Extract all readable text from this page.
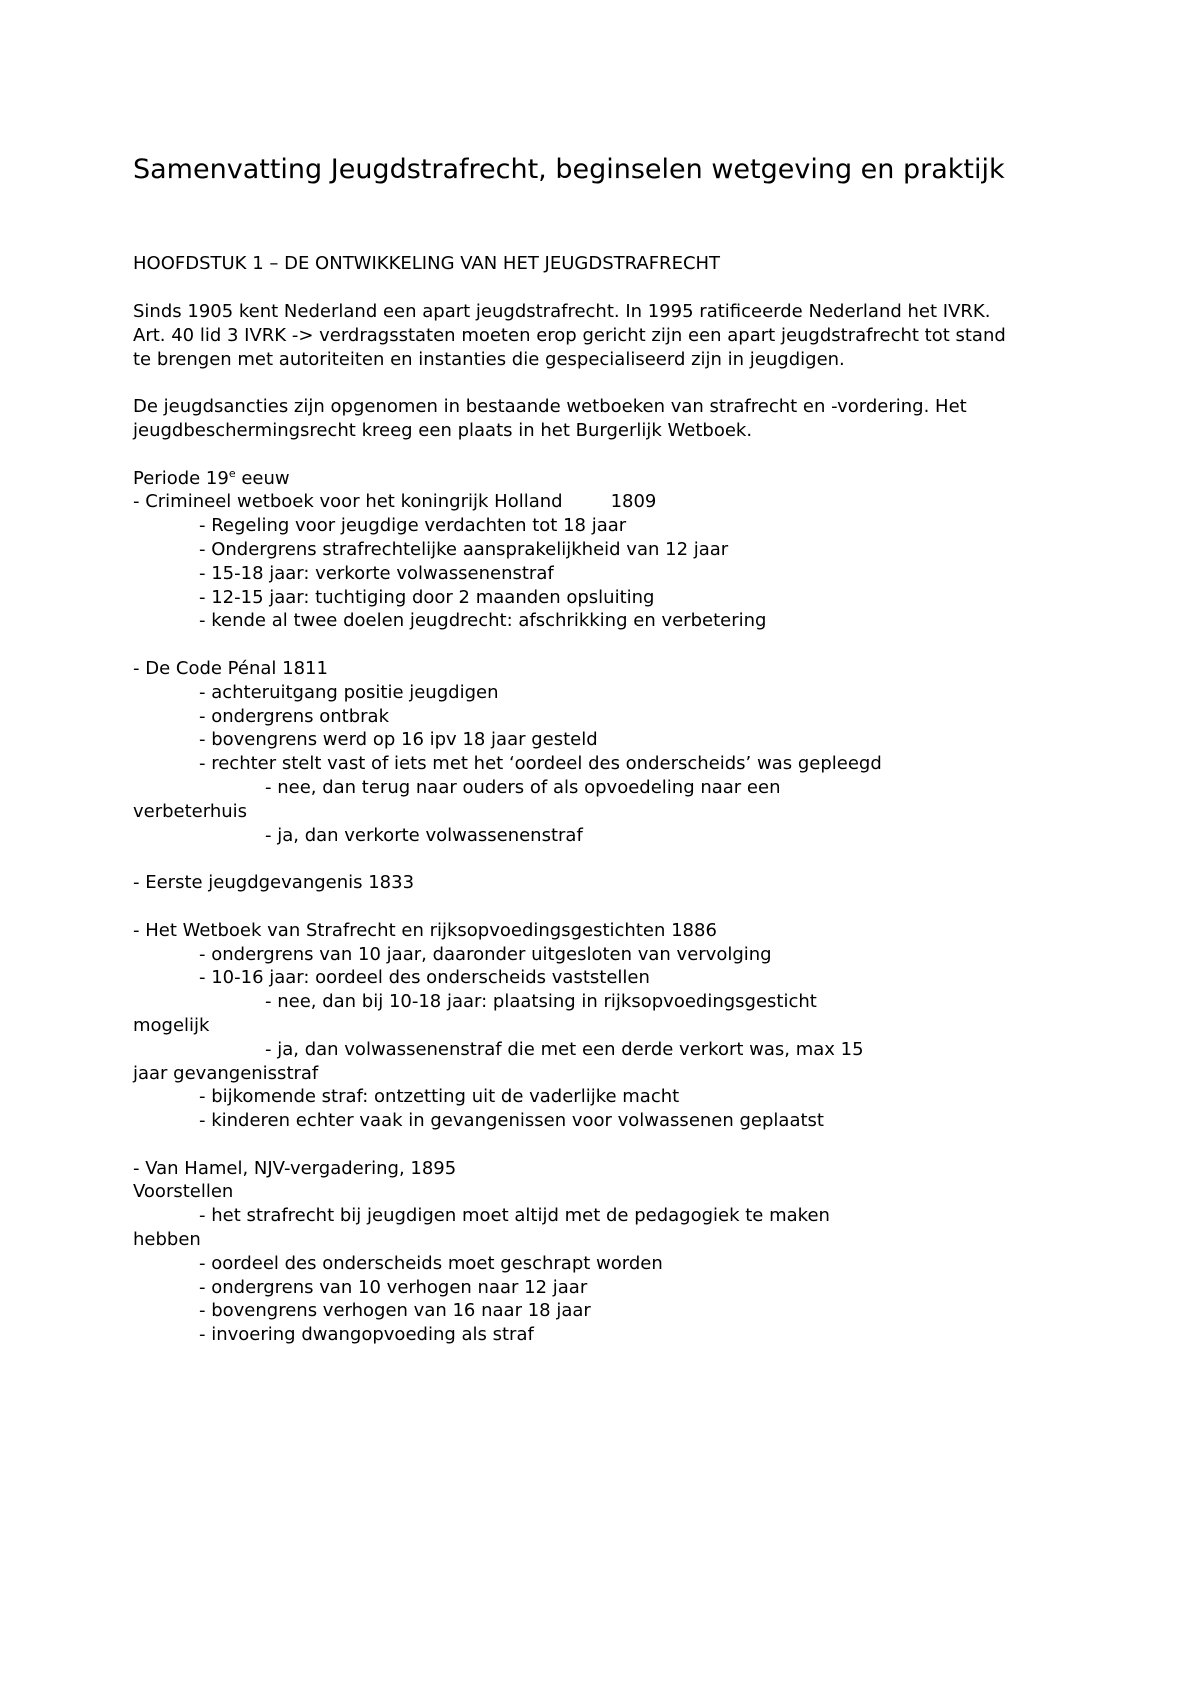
Samenvatting Jeugdstrafrecht, beginselen wetgeving en praktijk
HOOFDSTUK 1 – DE ONTWIKKELING VAN HET JEUGDSTRAFRECHT

Sinds 1905 kent Nederland een apart jeugdstrafrecht. In 1995 ratificeerde Nederland het IVRK.

Art. 40 lid 3 IVRK -> verdragsstaten moeten erop gericht zijn een apart jeugdstrafrecht tot stand te brengen met autoriteiten en instanties die gespecialiseerd zijn in jeugdigen.

De jeugdsancties zijn opgenomen in bestaande wetboeken van strafrecht en -vordering. Het jeugdbeschermingsrecht kreeg een plaats in het Burgerlijk Wetboek.

Periode 19e eeuw

- Crimineel wetboek voor het koningrijk Holland	1809

- Regeling voor jeugdige verdachten tot 18 jaar

- Ondergrens strafrechtelijke aansprakelijkheid van 12 jaar

- 15-18 jaar: verkorte volwassenenstraf

- 12-15 jaar: tuchtiging door 2 maanden opsluiting

- kende al twee doelen jeugdrecht: afschrikking en verbetering

- De Code Pénal 1811

- achteruitgang positie jeugdigen

- ondergrens ontbrak

- bovengrens werd op 16 ipv 18 jaar gesteld

- rechter stelt vast of iets met het ‘oordeel des onderscheids’ was gepleegd

- nee, dan terug naar ouders of als opvoedeling naar een

verbeterhuis

- ja, dan verkorte volwassenenstraf

- Eerste jeugdgevangenis 1833

- Het Wetboek van Strafrecht en rijksopvoedingsgestichten 1886

- ondergrens van 10 jaar, daaronder uitgesloten van vervolging

- 10-16 jaar: oordeel des onderscheids vaststellen

- nee, dan bij 10-18 jaar: plaatsing in rijksopvoedingsgesticht

mogelijk

- ja, dan volwassenenstraf die met een derde verkort was, max 15

jaar gevangenisstraf

- bijkomende straf: ontzetting uit de vaderlijke macht

- kinderen echter vaak in gevangenissen voor volwassenen geplaatst

- Van Hamel, NJV-vergadering, 1895

Voorstellen

- het strafrecht bij jeugdigen moet altijd met de pedagogiek te maken

hebben

- oordeel des onderscheids moet geschrapt worden

- ondergrens van 10 verhogen naar 12 jaar

- bovengrens verhogen van 16 naar 18 jaar

- invoering dwangopvoeding als straf
